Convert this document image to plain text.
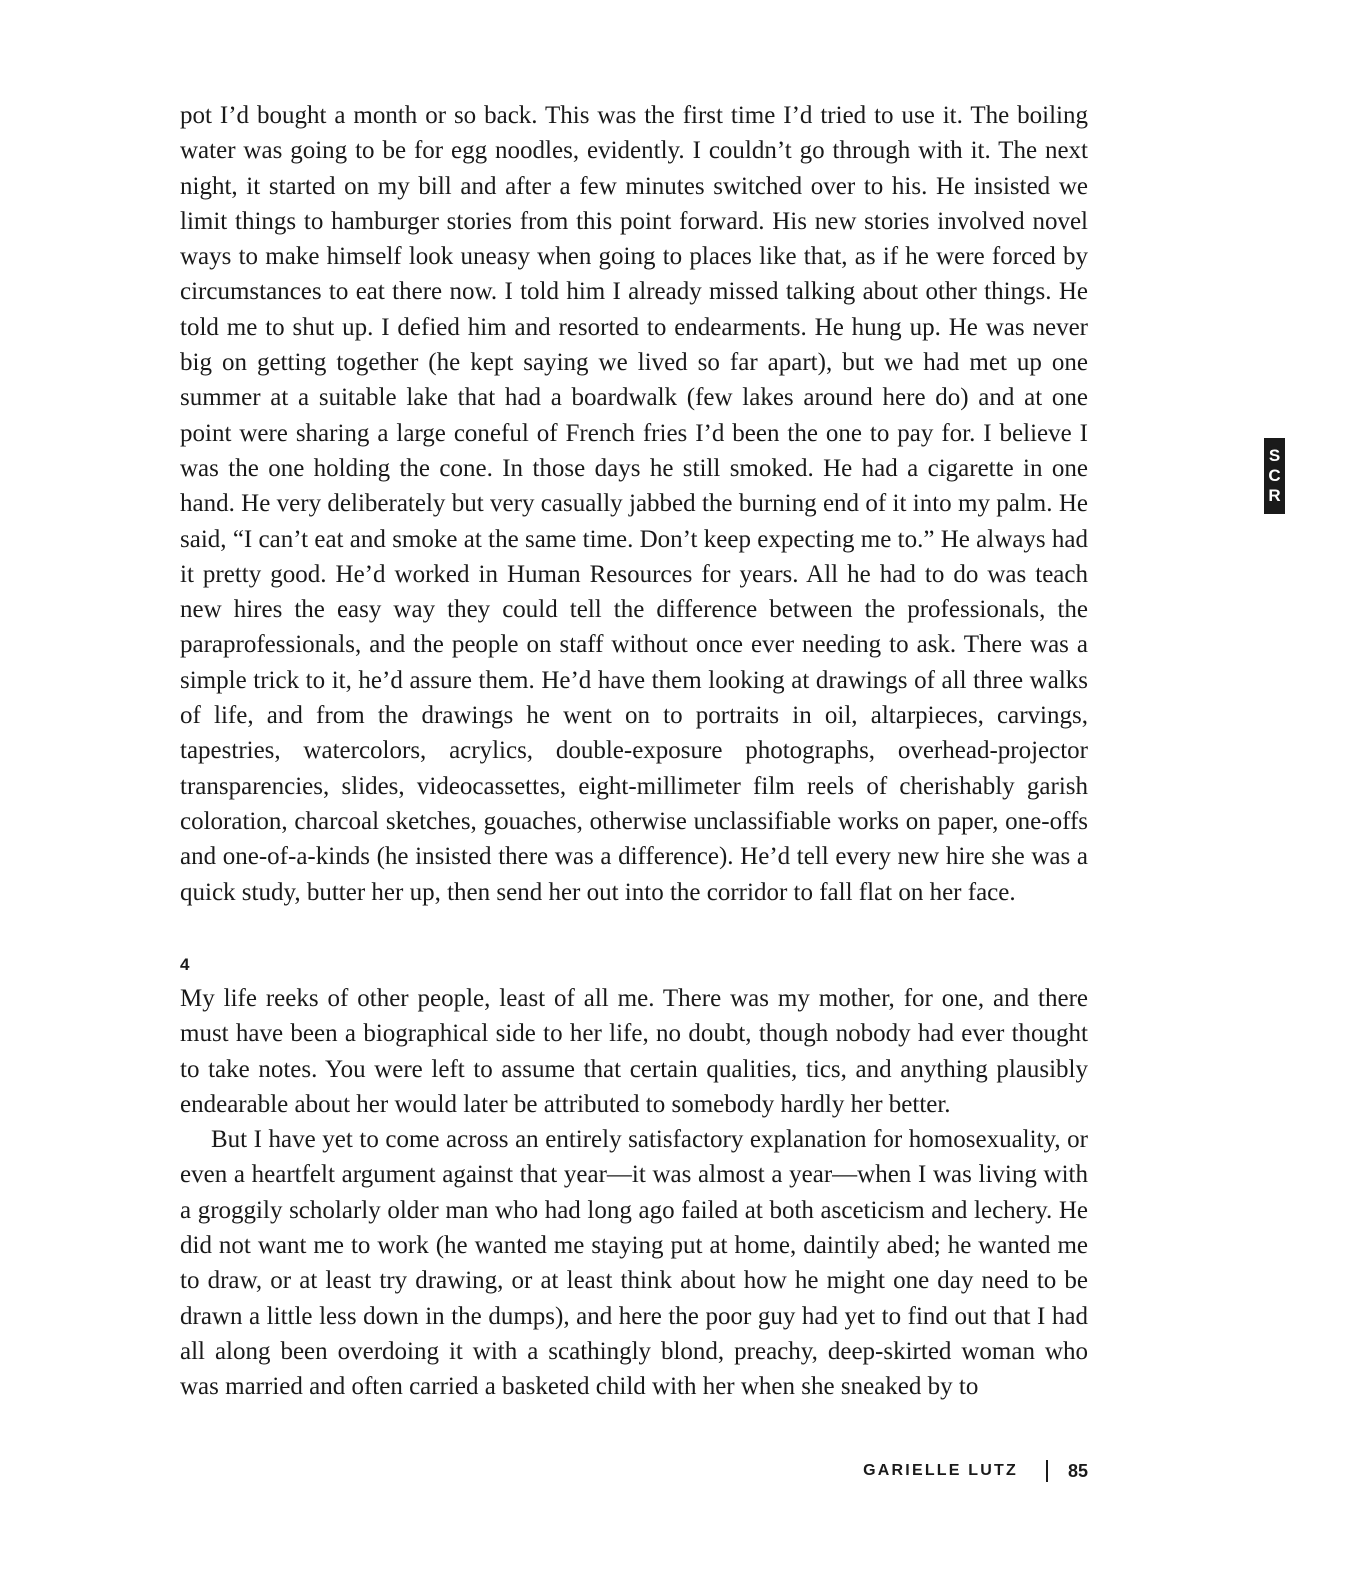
pot I’d bought a month or so back. This was the first time I’d tried to use it. The boiling water was going to be for egg noodles, evidently. I couldn’t go through with it. The next night, it started on my bill and after a few minutes switched over to his. He insisted we limit things to hamburger stories from this point forward. His new stories involved novel ways to make himself look uneasy when going to places like that, as if he were forced by circumstances to eat there now. I told him I already missed talking about other things. He told me to shut up. I defied him and resorted to endearments. He hung up. He was never big on getting together (he kept saying we lived so far apart), but we had met up one summer at a suitable lake that had a boardwalk (few lakes around here do) and at one point were sharing a large coneful of French fries I’d been the one to pay for. I believe I was the one holding the cone. In those days he still smoked. He had a cigarette in one hand. He very deliberately but very casually jabbed the burning end of it into my palm. He said, “I can’t eat and smoke at the same time. Don’t keep expecting me to.” He always had it pretty good. He’d worked in Human Resources for years. All he had to do was teach new hires the easy way they could tell the difference between the professionals, the paraprofessionals, and the people on staff without once ever needing to ask. There was a simple trick to it, he’d assure them. He’d have them looking at drawings of all three walks of life, and from the drawings he went on to portraits in oil, altarpieces, carvings, tapestries, watercolors, acrylics, double-exposure photographs, overhead-projector transparencies, slides, videocassettes, eight-millimeter film reels of cherishably garish coloration, charcoal sketches, gouaches, otherwise unclassifiable works on paper, one-offs and one-of-a-kinds (he insisted there was a difference). He’d tell every new hire she was a quick study, butter her up, then send her out into the corridor to fall flat on her face.

4

My life reeks of other people, least of all me. There was my mother, for one, and there must have been a biographical side to her life, no doubt, though nobody had ever thought to take notes. You were left to assume that certain qualities, tics, and anything plausibly endearable about her would later be attributed to somebody hardly her better.

But I have yet to come across an entirely satisfactory explanation for homosexuality, or even a heartfelt argument against that year—it was almost a year—when I was living with a groggily scholarly older man who had long ago failed at both asceticism and lechery. He did not want me to work (he wanted me staying put at home, daintily abed; he wanted me to draw, or at least try drawing, or at least think about how he might one day need to be drawn a little less down in the dumps), and here the poor guy had yet to find out that I had all along been overdoing it with a scathingly blond, preachy, deep-skirted woman who was married and often carried a basketed child with her when she sneaked by to

S
C
R
GARIELLE LUTZ	85
